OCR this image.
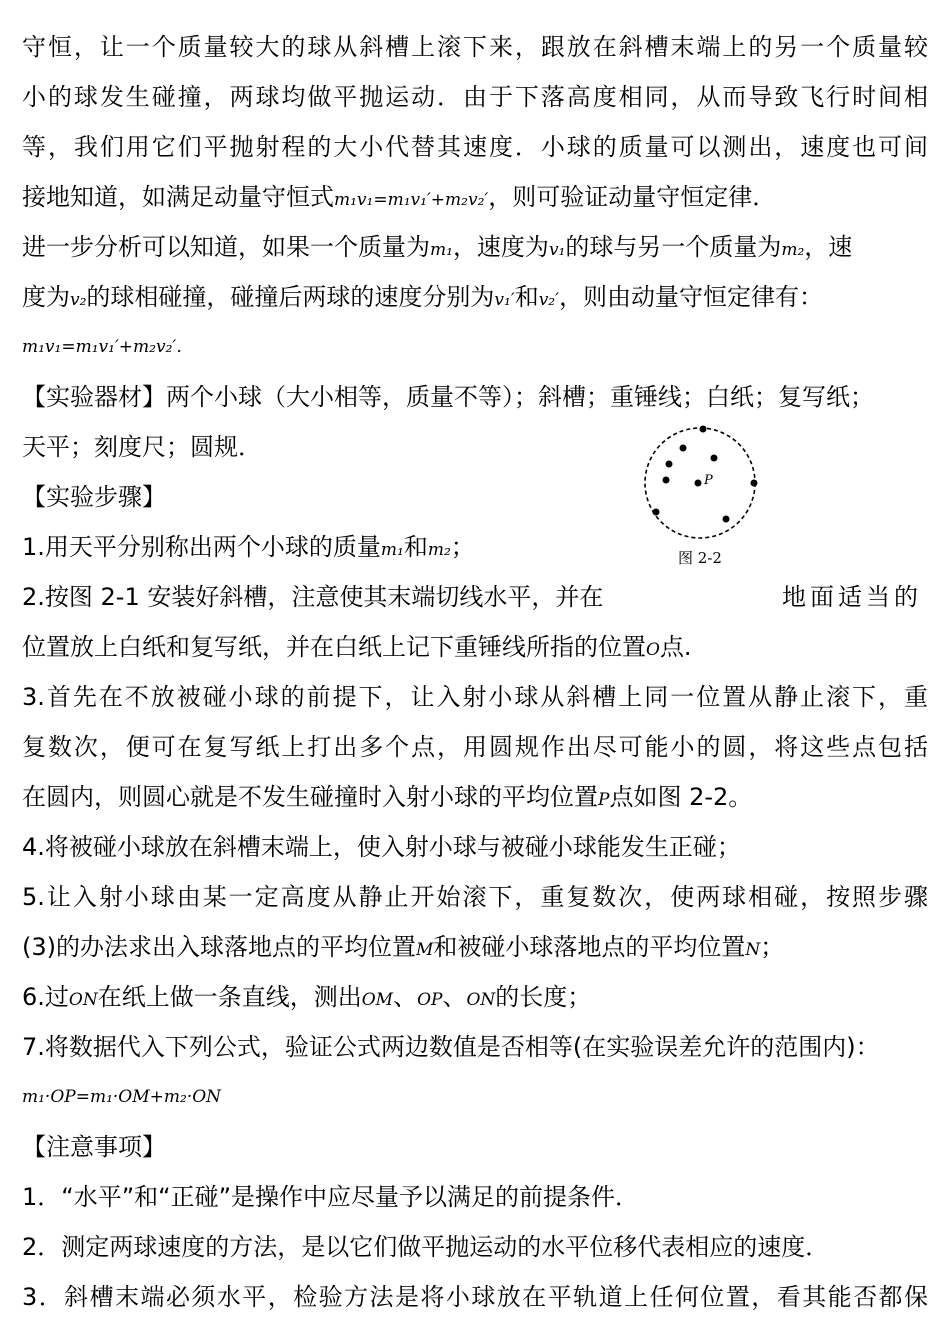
守恒，让一个质量较大的球从斜槽上滚下来，跟放在斜槽末端上的另一个质量较
小的球发生碰撞，两球均做平抛运动．由于下落高度相同，从而导致飞行时间相
等，我们用它们平抛射程的大小代替其速度．小球的质量可以测出，速度也可间
接地知道，如满足动量守恒式m₁v₁=m₁v₁′+m₂v₂′，则可验证动量守恒定律．
进一步分析可以知道，如果一个质量为m₁，速度为v₁的球与另一个质量为m₂，速
度为v₂的球相碰撞，碰撞后两球的速度分别为v₁′和v₂′，则由动量守恒定律有：
m₁v₁=m₁v₁′+m₂v₂′．
【实验器材】两个小球（大小相等，质量不等）；斜槽；重锤线；白纸；复写纸；
天平；刻度尺；圆规．
【实验步骤】
1.用天平分别称出两个小球的质量m₁和m₂；
2.按图 2-1 安装好斜槽，注意使其末端切线水平，并在	地面适当的
位置放上白纸和复写纸，并在白纸上记下重锤线所指的位置O点.
3.首先在不放被碰小球的前提下，让入射小球从斜槽上同一位置从静止滚下，重
复数次，便可在复写纸上打出多个点，用圆规作出尽可能小的圆，将这些点包括
在圆内，则圆心就是不发生碰撞时入射小球的平均位置P点如图 2-2。
4.将被碰小球放在斜槽末端上，使入射小球与被碰小球能发生正碰；
5.让入射小球由某一定高度从静止开始滚下，重复数次，使两球相碰，按照步骤
(3)的办法求出入球落地点的平均位置M和被碰小球落地点的平均位置N；
6.过ON在纸上做一条直线，测出OM、OP、ON的长度；
7.将数据代入下列公式，验证公式两边数值是否相等(在实验误差允许的范围内)：
m₁·OP=m₁·OM+m₂·ON
【注意事项】
1．“水平”和“正碰”是操作中应尽量予以满足的前提条件．
2．测定两球速度的方法，是以它们做平抛运动的水平位移代表相应的速度．
3．斜槽末端必须水平，检验方法是将小球放在平轨道上任何位置，看其能否都保
P
图 2-2
